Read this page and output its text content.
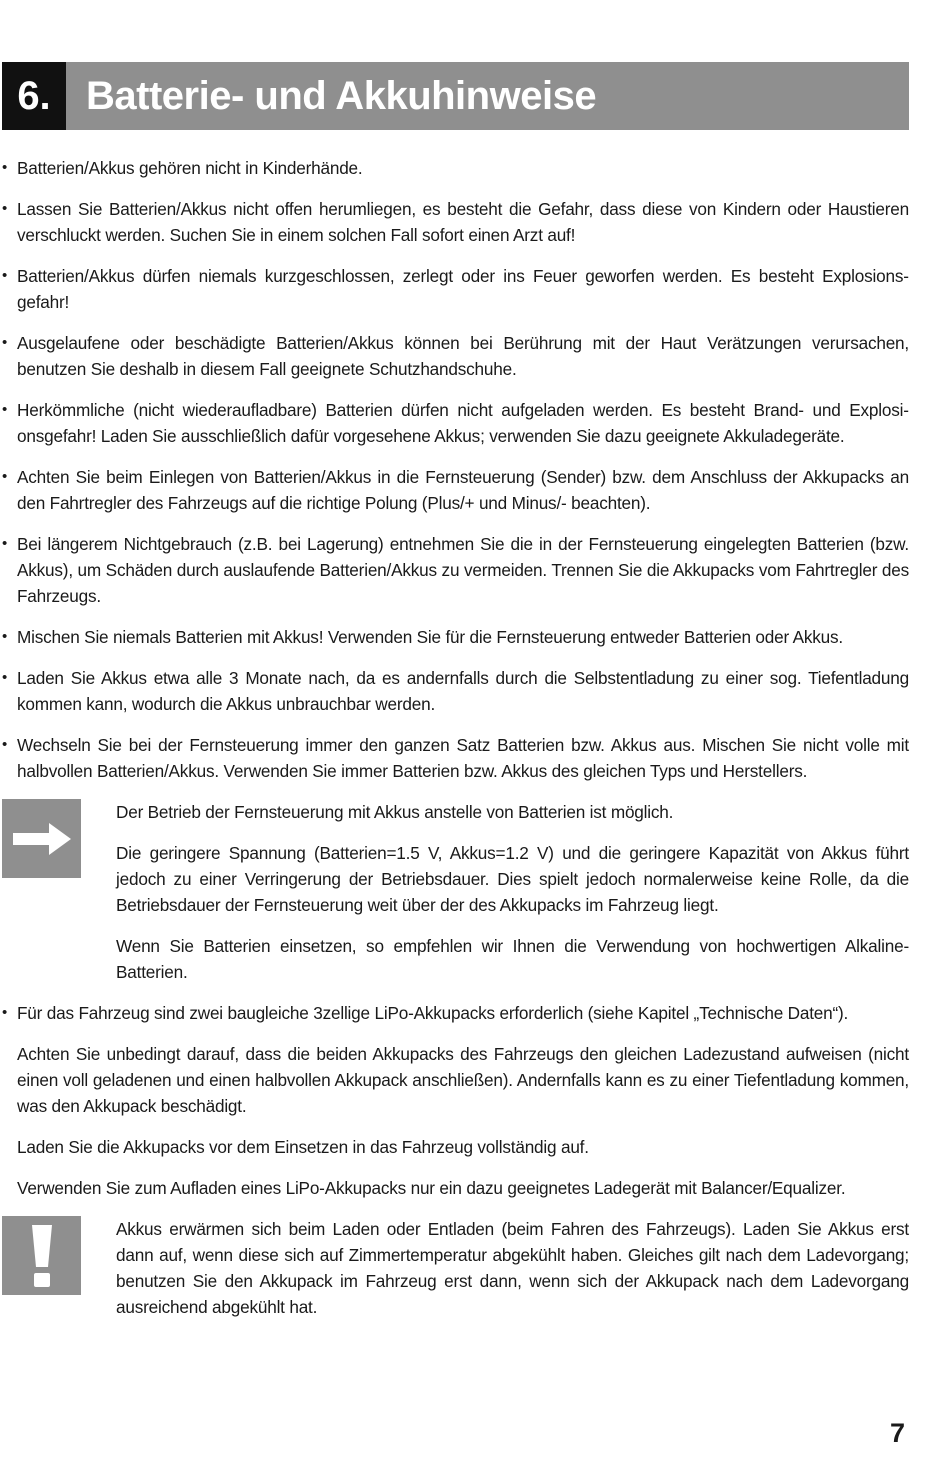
6. Batterie- und Akkuhinweise
• Batterien/Akkus gehören nicht in Kinderhände.
• Lassen Sie Batterien/Akkus nicht offen herumliegen, es besteht die Gefahr, dass diese von Kindern oder Haustieren verschluckt werden. Suchen Sie in einem solchen Fall sofort einen Arzt auf!
• Batterien/Akkus dürfen niemals kurzgeschlossen, zerlegt oder ins Feuer geworfen werden. Es besteht Explosionsgefahr!
• Ausgelaufene oder beschädigte Batterien/Akkus können bei Berührung mit der Haut Verätzungen verursachen, benutzen Sie deshalb in diesem Fall geeignete Schutzhandschuhe.
• Herkömmliche (nicht wiederaufladbare) Batterien dürfen nicht aufgeladen werden. Es besteht Brand- und Explosionsgefahr! Laden Sie ausschließlich dafür vorgesehene Akkus; verwenden Sie dazu geeignete Akkuladegeräte.
• Achten Sie beim Einlegen von Batterien/Akkus in die Fernsteuerung (Sender) bzw. dem Anschluss der Akkupacks an den Fahrtregler des Fahrzeugs auf die richtige Polung (Plus/+ und Minus/- beachten).
• Bei längerem Nichtgebrauch (z.B. bei Lagerung) entnehmen Sie die in der Fernsteuerung eingelegten Batterien (bzw. Akkus), um Schäden durch auslaufende Batterien/Akkus zu vermeiden. Trennen Sie die Akkupacks vom Fahrtregler des Fahrzeugs.
• Mischen Sie niemals Batterien mit Akkus! Verwenden Sie für die Fernsteuerung entweder Batterien oder Akkus.
• Laden Sie Akkus etwa alle 3 Monate nach, da es andernfalls durch die Selbstentladung zu einer sog. Tiefentladung kommen kann, wodurch die Akkus unbrauchbar werden.
• Wechseln Sie bei der Fernsteuerung immer den ganzen Satz Batterien bzw. Akkus aus. Mischen Sie nicht volle mit halbvollen Batterien/Akkus. Verwenden Sie immer Batterien bzw. Akkus des gleichen Typs und Herstellers.

Der Betrieb der Fernsteuerung mit Akkus anstelle von Batterien ist möglich.

Die geringere Spannung (Batterien=1.5 V, Akkus=1.2 V) und die geringere Kapazität von Akkus führt jedoch zu einer Verringerung der Betriebsdauer. Dies spielt jedoch normalerweise keine Rolle, da die Betriebsdauer der Fernsteuerung weit über der des Akkupacks im Fahrzeug liegt.

Wenn Sie Batterien einsetzen, so empfehlen wir Ihnen die Verwendung von hochwertigen Alkaline-Batterien.

• Für das Fahrzeug sind zwei baugleiche 3zellige LiPo-Akkupacks erforderlich (siehe Kapitel „Technische Daten“).

Achten Sie unbedingt darauf, dass die beiden Akkupacks des Fahrzeugs den gleichen Ladezustand aufweisen (nicht einen voll geladenen und einen halbvollen Akkupack anschließen). Andernfalls kann es zu einer Tiefentladung kommen, was den Akkupack beschädigt.

Laden Sie die Akkupacks vor dem Einsetzen in das Fahrzeug vollständig auf.

Verwenden Sie zum Aufladen eines LiPo-Akkupacks nur ein dazu geeignetes Ladegerät mit Balancer/Equalizer.

Akkus erwärmen sich beim Laden oder Entladen (beim Fahren des Fahrzeugs). Laden Sie Akkus erst dann auf, wenn diese sich auf Zimmertemperatur abgekühlt haben. Gleiches gilt nach dem Ladevorgang; benutzen Sie den Akkupack im Fahrzeug erst dann, wenn sich der Akkupack nach dem Ladevorgang ausreichend abgekühlt hat.

7
